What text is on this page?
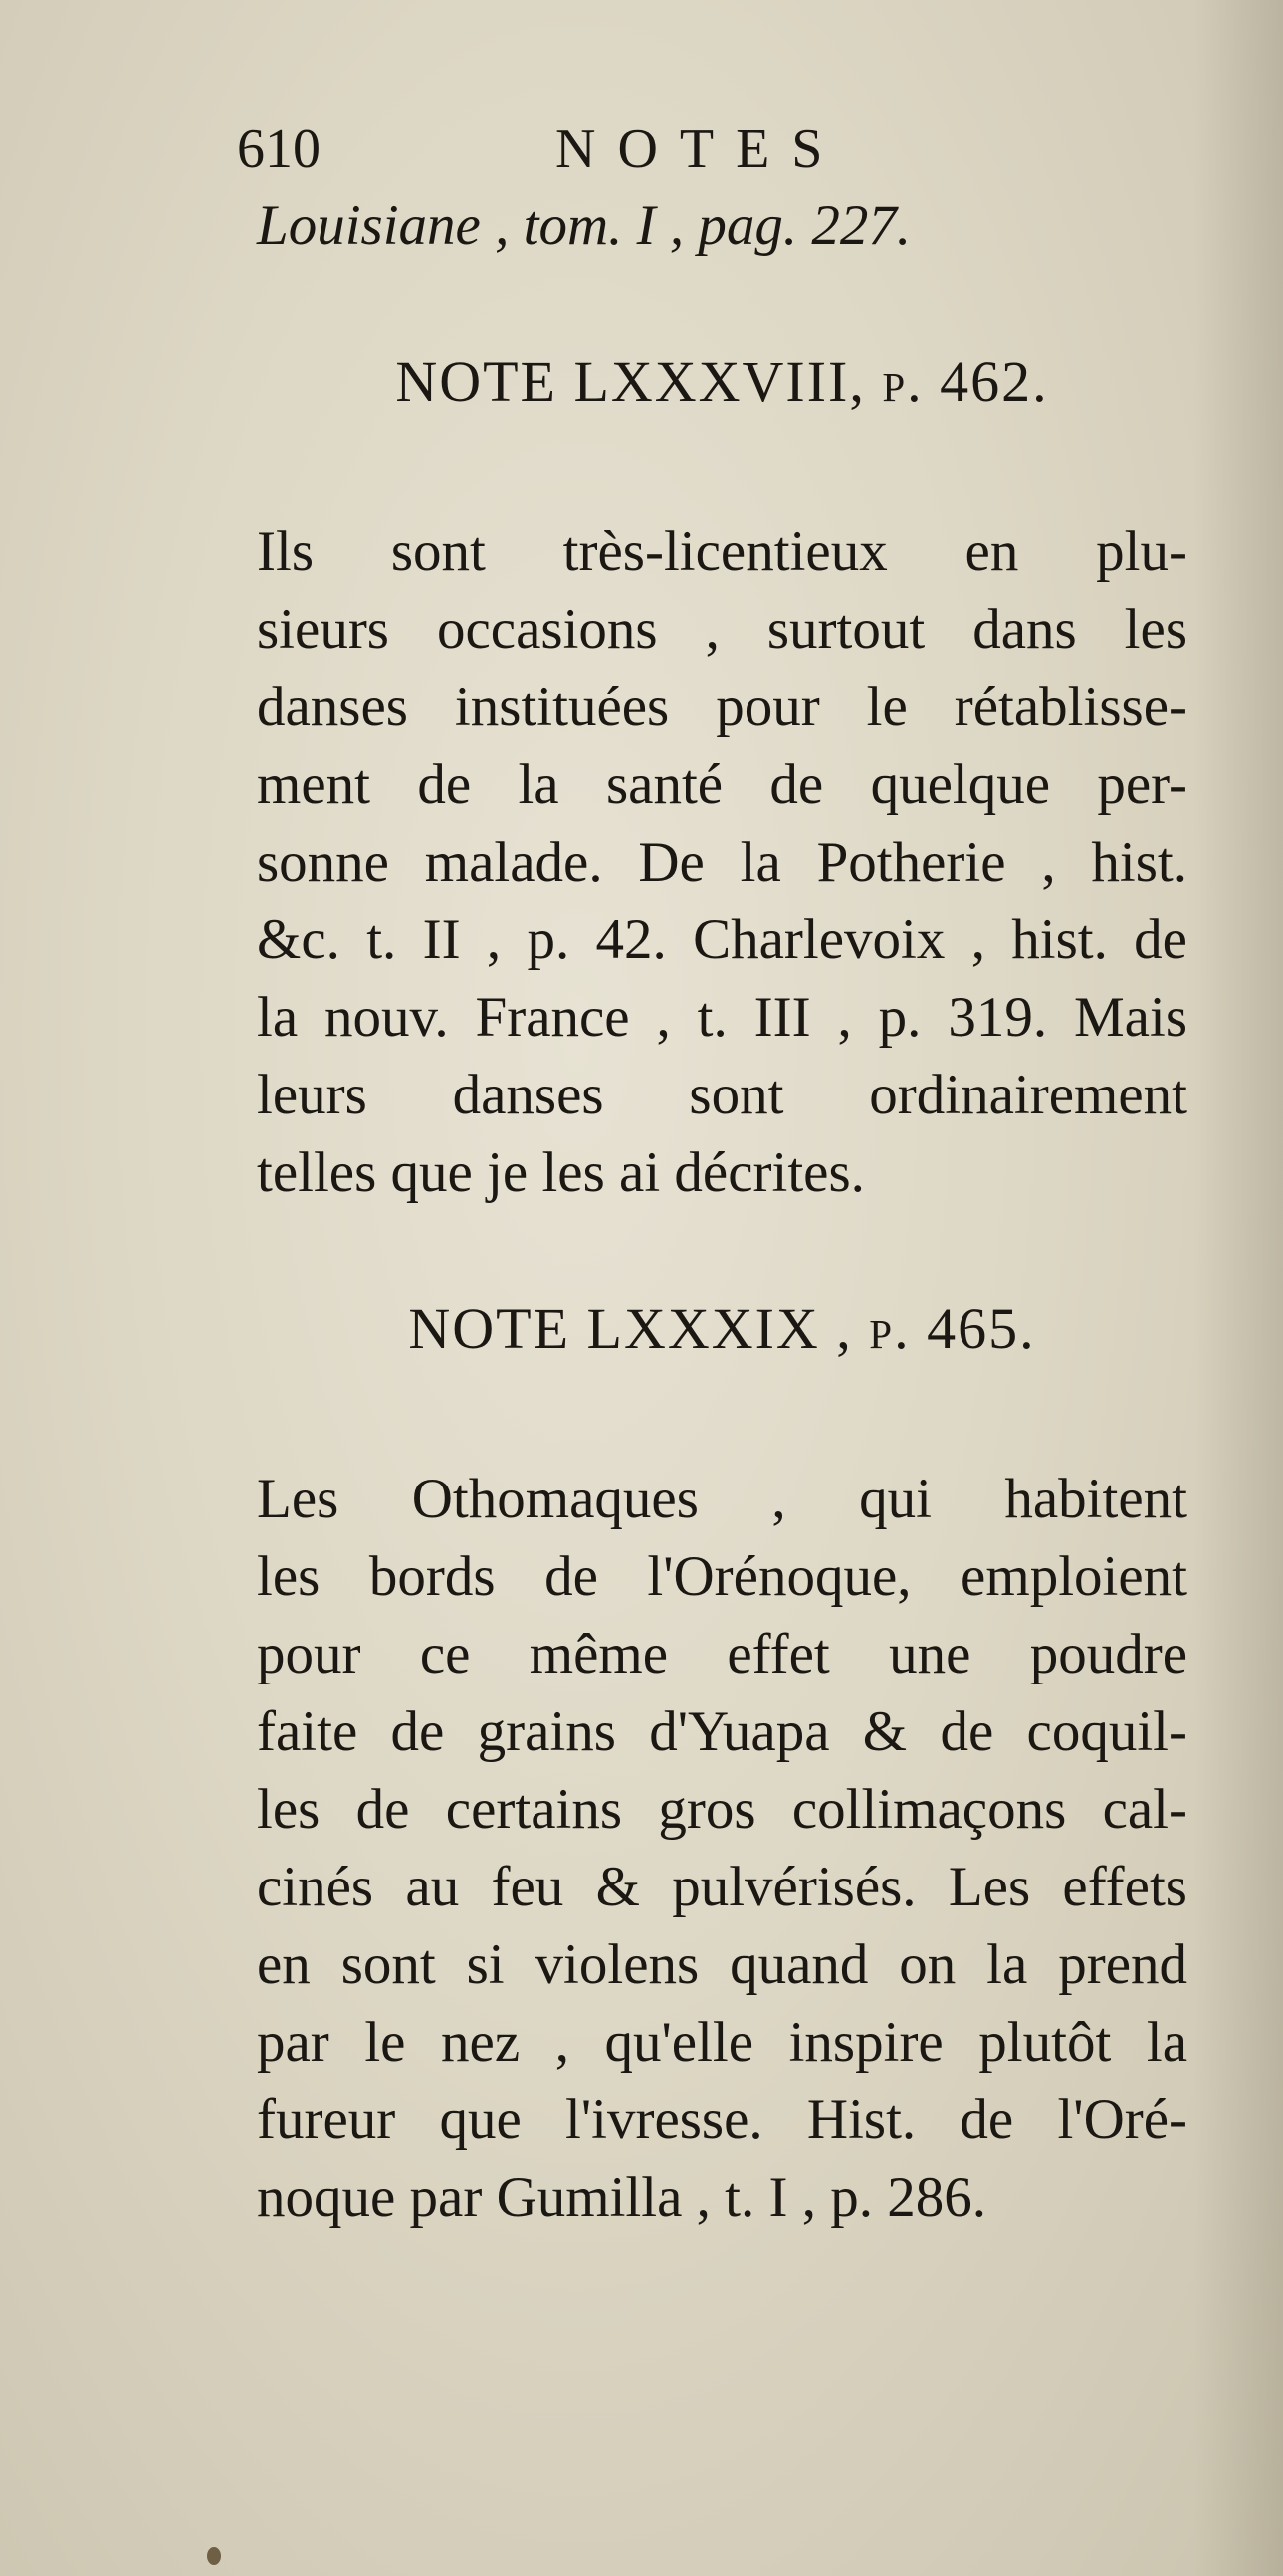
610	NOTES
Louisiane , tom. I , pag. 227.
NOTE LXXXVIII, p. 462.
Ils sont très-licentieux en plu-
sieurs occasions , surtout dans les
danses instituées pour le rétablisse-
ment de la santé de quelque per-
sonne malade. De la Potherie , hist.
&c. t. II , p. 42. Charlevoix , hist. de
la nouv. France , t. III , p. 319. Mais
leurs danses sont ordinairement
telles que je les ai décrites.
NOTE LXXXIX , p. 465.
Les Othomaques , qui habitent
les bords de l'Orénoque, emploient
pour ce même effet une poudre
faite de grains d'Yuapa & de coquil-
les de certains gros collimaçons cal-
cinés au feu & pulvérisés. Les effets
en sont si violens quand on la prend
par le nez , qu'elle inspire plutôt la
fureur que l'ivresse. Hist. de l'Oré-
noque par Gumilla , t. I , p. 286.
